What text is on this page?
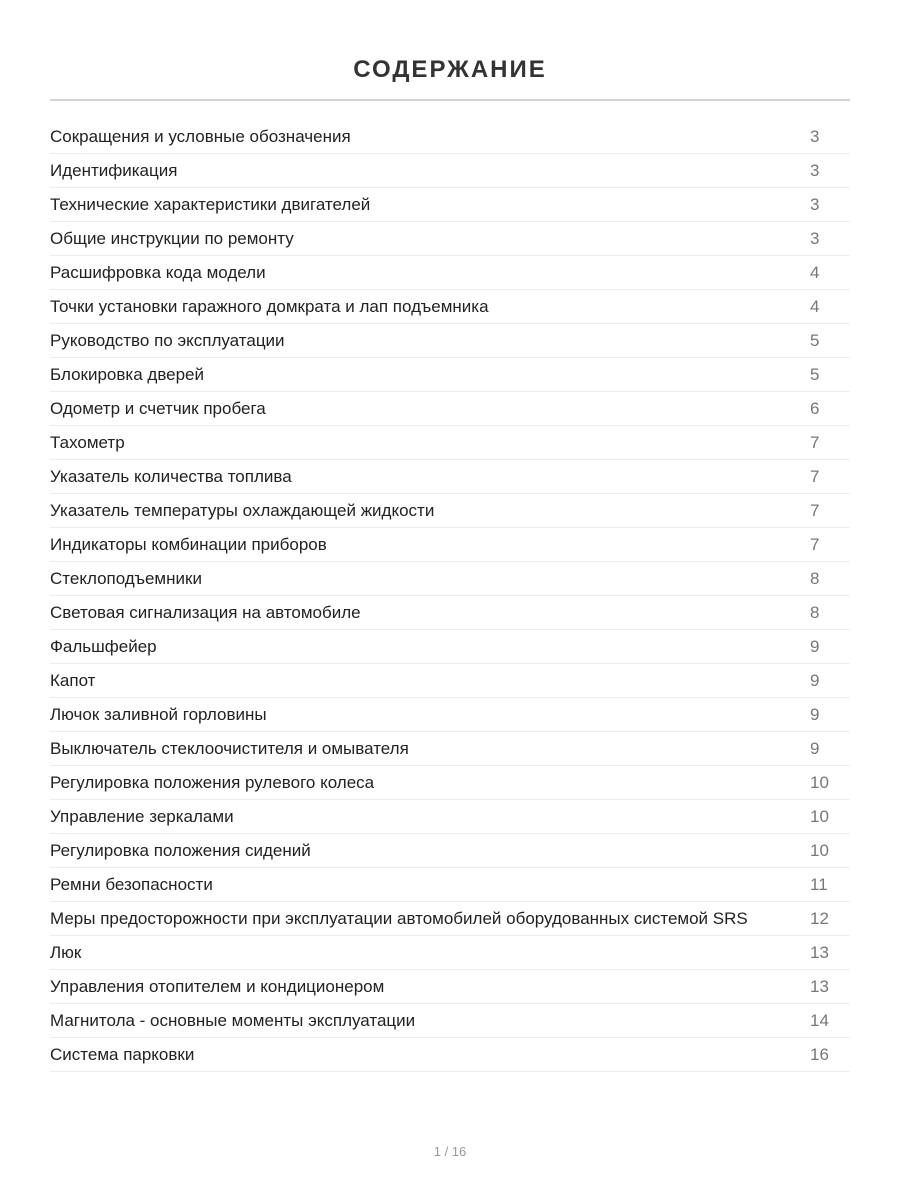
СОДЕРЖАНИЕ
Сокращения и условные обозначения	3
Идентификация	3
Технические характеристики двигателей	3
Общие инструкции по ремонту	3
Расшифровка кода модели	4
Точки установки гаражного домкрата и лап подъемника	4
Руководство по эксплуатации	5
Блокировка дверей	5
Одометр и счетчик пробега	6
Тахометр	7
Указатель количества топлива	7
Указатель температуры охлаждающей жидкости	7
Индикаторы комбинации приборов	7
Стеклоподъемники	8
Световая сигнализация на автомобиле	8
Фальшфейер	9
Капот	9
Лючок заливной горловины	9
Выключатель стеклоочистителя и омывателя	9
Регулировка положения рулевого колеса	10
Управление зеркалами	10
Регулировка положения сидений	10
Ремни безопасности	11
Меры предосторожности при эксплуатации автомобилей оборудованных системой SRS	12
Люк	13
Управления отопителем и кондиционером	13
Магнитола - основные моменты эксплуатации	14
Система парковки	16
1 / 16
